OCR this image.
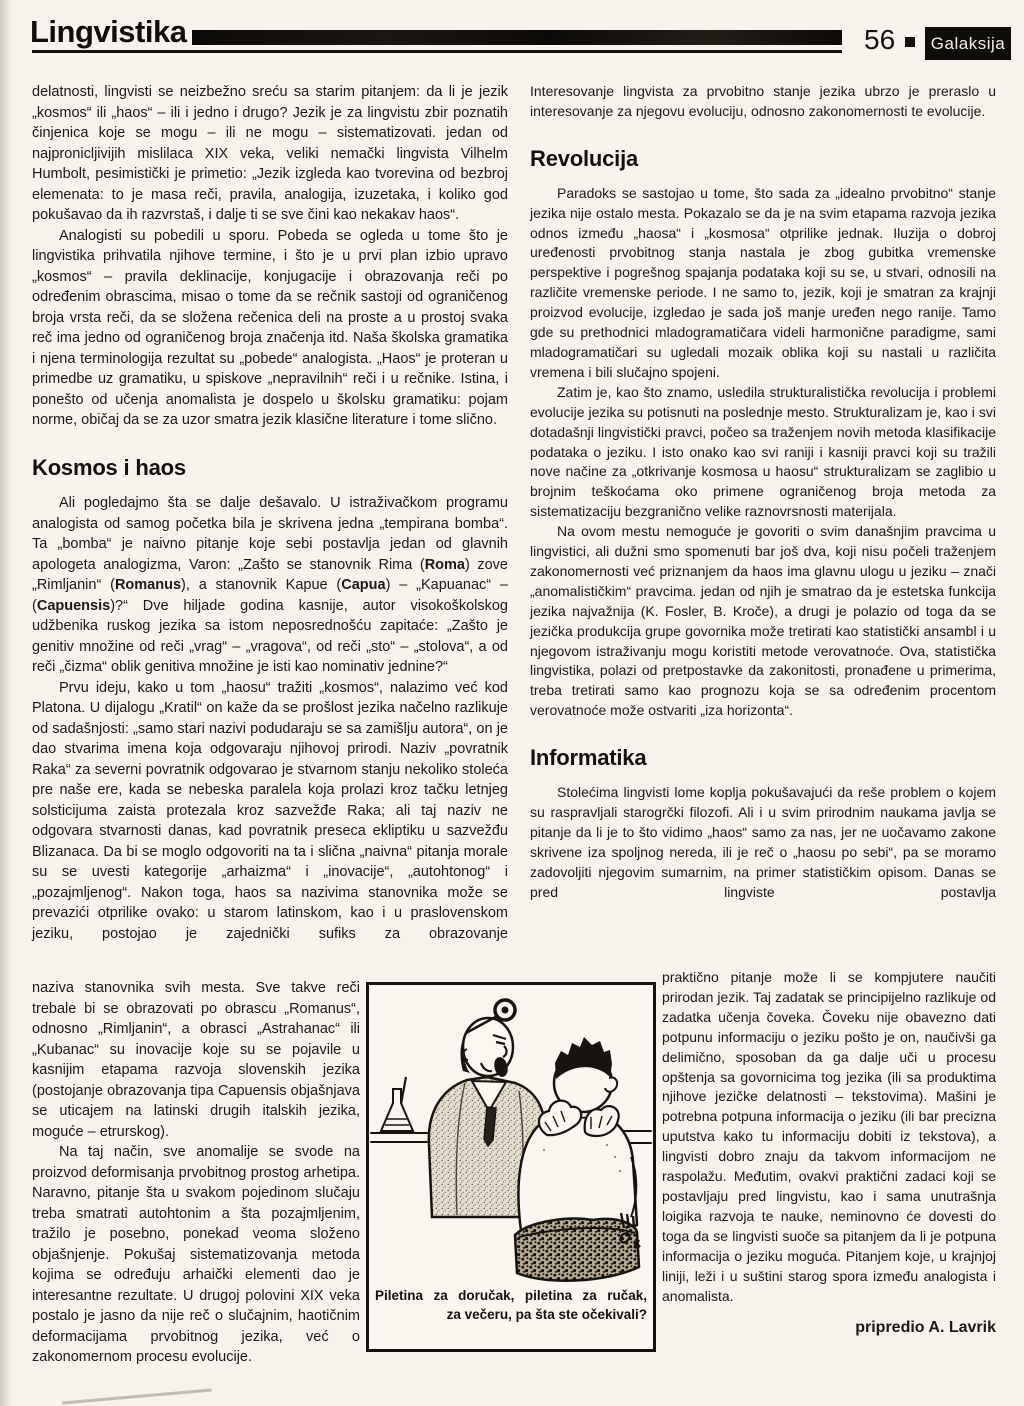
Lingvistika	56	Galaksija

delatnosti, lingvisti se neizbežno sreću sa starim pitanjem: da li je jezik „kosmos“ ili „haos“ – ili i jedno i drugo? Jezik je za lingvistu zbir poznatih činjenica koje se mogu – ili ne mogu – sistematizovati. jedan od najpronicljivijih mislilaca XIX veka, veliki nemački lingvista Vilhelm Humbolt, pesimistički je primetio: „Jezik izgleda kao tvorevina od bezbroj elemenata: to je masa reči, pravila, analogija, izuzetaka, i koliko god pokušavao da ih razvrstaš, i dalje ti se sve čini kao nekakav haos“.

Analogisti su pobedili u sporu. Pobeda se ogleda u tome što je lingvistika prihvatila njihove termine, i što je u prvi plan izbio upravo „kosmos“ – pravila deklinacije, konjugacije i obrazovanja reči po određenim obrascima, misao o tome da se rečnik sastoji od ograničenog broja vrsta reči, da se složena rečenica deli na proste a u prostoj svaka reč ima jedno od ograničenog broja značenja itd. Naša školska gramatika i njena terminologija rezultat su „pobede“ analogista. „Haos“ je proteran u primedbe uz gramatiku, u spiskove „nepravilnih“ reči i u rečnike. Istina, i ponešto od učenja anomalista je dospelo u školsku gramatiku: pojam norme, običaj da se za uzor smatra jezik klasične literature i tome slično.

Kosmos i haos

Ali pogledajmo šta se dalje dešavalo. U istraživačkom programu analogista od samog početka bila je skrivena jedna „tempirana bomba“. Ta „bomba“ je naivno pitanje koje sebi postavlja jedan od glavnih apologeta analogizma, Varon: „Zašto se stanovnik Rima (Roma) zove „Rimljanin“ (Romanus), a stanovnik Kapue (Capua) – „Kapuanac“ – (Capuensis)?“ Dve hiljade godina kasnije, autor visokoškolskog udžbenika ruskog jezika sa istom neposrednošću zapitaće: „Zašto je genitiv množine od reči „vrag“ – „vragova“, od reči „sto“ – „stolova“, a od reči „čizma“ oblik genitiva množine je isti kao nominativ jednine?“

Prvu ideju, kako u tom „haosu“ tražiti „kosmos“, nalazimo već kod Platona. U dijalogu „Kratil“ on kaže da se prošlost jezika načelno razlikuje od sadašnjosti: „samo stari nazivi podudaraju se sa zamišlju autora“, on je dao stvarima imena koja odgovaraju njihovoj prirodi. Naziv „povratnik Raka“ za severni povratnik odgovarao je stvarnom stanju nekoliko stoleća pre naše ere, kada se nebeska paralela koja prolazi kroz tačku letnjeg solsticijuma zaista protezala kroz sazvežđe Raka; ali taj naziv ne odgovara stvarnosti danas, kad povratnik preseca ekliptiku u sazvežđu Blizanaca. Da bi se moglo odgovoriti na ta i slična „naivna“ pitanja morale su se uvesti kategorije „arhaizma“ i „inovacije“, „autohtonog“ i „pozajmljenog“. Nakon toga, haos sa nazivima stanovnika može se prevazići otprilike ovako: u starom latinskom, kao i u praslovenskom jeziku, postojao je zajednički sufiks za obrazovanje

naziva stanovnika svih mesta. Sve takve reči trebale bi se obrazovati po obrascu „Romanus“, odnosno „Rimljanin“, a obrasci „Astrahanac“ ili „Kubanac“ su inovacije koje su se pojavile u kasnijim etapama razvoja slovenskih jezika (postojanje obrazovanja tipa Capuensis objašnjava se uticajem na latinski drugih italskih jezika, moguće – etrurskog).

Na taj način, sve anomalije se svode na proizvod deformisanja prvobitnog prostog arhetipa. Naravno, pitanje šta u svakom pojedinom slučaju treba smatrati autohtonim a šta pozajmljenim, tražilo je posebno, ponekad veoma složeno objašnjenje. Pokušaj sistematizovanja metoda kojima se određuju arhaički elementi dao je interesantne rezultate. U drugoj polovini XIX veka postalo je jasno da nije reč o slučajnim, haotičnim deformacijama prvobitnog jezika, već o zakonomernom procesu evolucije.

Interesovanje lingvista za prvobitno stanje jezika ubrzo je preraslo u interesovanje za njegovu evoluciju, odnosno zakonomernosti te evolucije.

Revolucija

Paradoks se sastojao u tome, što sada za „idealno prvobitno“ stanje jezika nije ostalo mesta. Pokazalo se da je na svim etapama razvoja jezika odnos između „haosa“ i „kosmosa“ otprilike jednak. Iluzija o dobroj uređenosti prvobitnog stanja nastala je zbog gubitka vremenske perspektive i pogrešnog spajanja podataka koji su se, u stvari, odnosili na različite vremenske periode. I ne samo to, jezik, koji je smatran za krajnji proizvod evolucije, izgledao je sada još manje uređen nego ranije. Tamo gde su prethodnici mladogramatičara videli harmonične paradigme, sami mladogramatičari su ugledali mozaik oblika koji su nastali u različita vremena i bili slučajno spojeni.

Zatim je, kao što znamo, usledila strukturalistička revolucija i problemi evolucije jezika su potisnuti na poslednje mesto. Strukturalizam je, kao i svi dotadašnji lingvistički pravci, počeo sa traženjem novih metoda klasifikacije podataka o jeziku. I isto onako kao svi raniji i kasniji pravci koji su tražili nove načine za „otkrivanje kosmosa u haosu“ strukturalizam se zaglibio u brojnim teškoćama oko primene ograničenog broja metoda za sistematizaciju bezgranično velike raznovrsnosti materijala.

Na ovom mestu nemoguće je govoriti o svim današnjim pravcima u lingvistici, ali dužni smo spomenuti bar još dva, koji nisu počeli traženjem zakonomernosti već priznanjem da haos ima glavnu ulogu u jeziku – znači „anomalističkim“ pravcima. jedan od njih je smatrao da je estetska funkcija jezika najvažnija (K. Fosler, B. Kroče), a drugi je polazio od toga da se jezička produkcija grupe govornika može tretirati kao statistički ansambl i u njegovom istraživanju mogu koristiti metode verovatnoće. Ova, statistička lingvistika, polazi od pretpostavke da zakonitosti, pronađene u primerima, treba tretirati samo kao prognozu koja se sa određenim procentom verovatnoće može ostvariti „iza horizonta“.

Informatika

Stolećima lingvisti lome koplja pokušavajući da reše problem o kojem su raspravljali starogrčki filozofi. Ali i u svim prirodnim naukama javlja se pitanje da li je to što vidimo „haos“ samo za nas, jer ne uočavamo zakone skrivene iza spoljnog nereda, ili je reč o „haosu po sebi“, pa se moramo zadovoljiti njegovim sumarnim, na primer statističkim opisom. Danas se pred lingviste postavlja

praktično pitanje može li se kompjutere naučiti prirodan jezik. Taj zadatak se principijelno razlikuje od zadatka učenja čoveka. Čoveku nije obavezno dati potpunu informaciju o jeziku pošto je on, naučivši ga delimično, sposoban da ga dalje uči u procesu opštenja sa govornicima tog jezika (ili sa produktima njihove jezičke delatnosti – tekstovima). Mašini je potrebna potpuna informacija o jeziku (ili bar precizna uputstva kako tu informaciju dobiti iz tekstova), a lingvisti dobro znaju da takvom informacijom ne raspolažu. Međutim, ovakvi praktični zadaci koji se postavljaju pred lingvistu, kao i sama unutrašnja loigika razvoja te nauke, neminovno će dovesti do toga da se lingvisti suoče sa pitanjem da li je potpuna informacija o jeziku moguća. Pitanjem koje, u krajnjoj liniji, leži i u suštini starog spora između analogista i anomalista.

pripredio A. Lavrik

Piletina za doručak, piletina za ručak,
za večeru, pa šta ste očekivali?
